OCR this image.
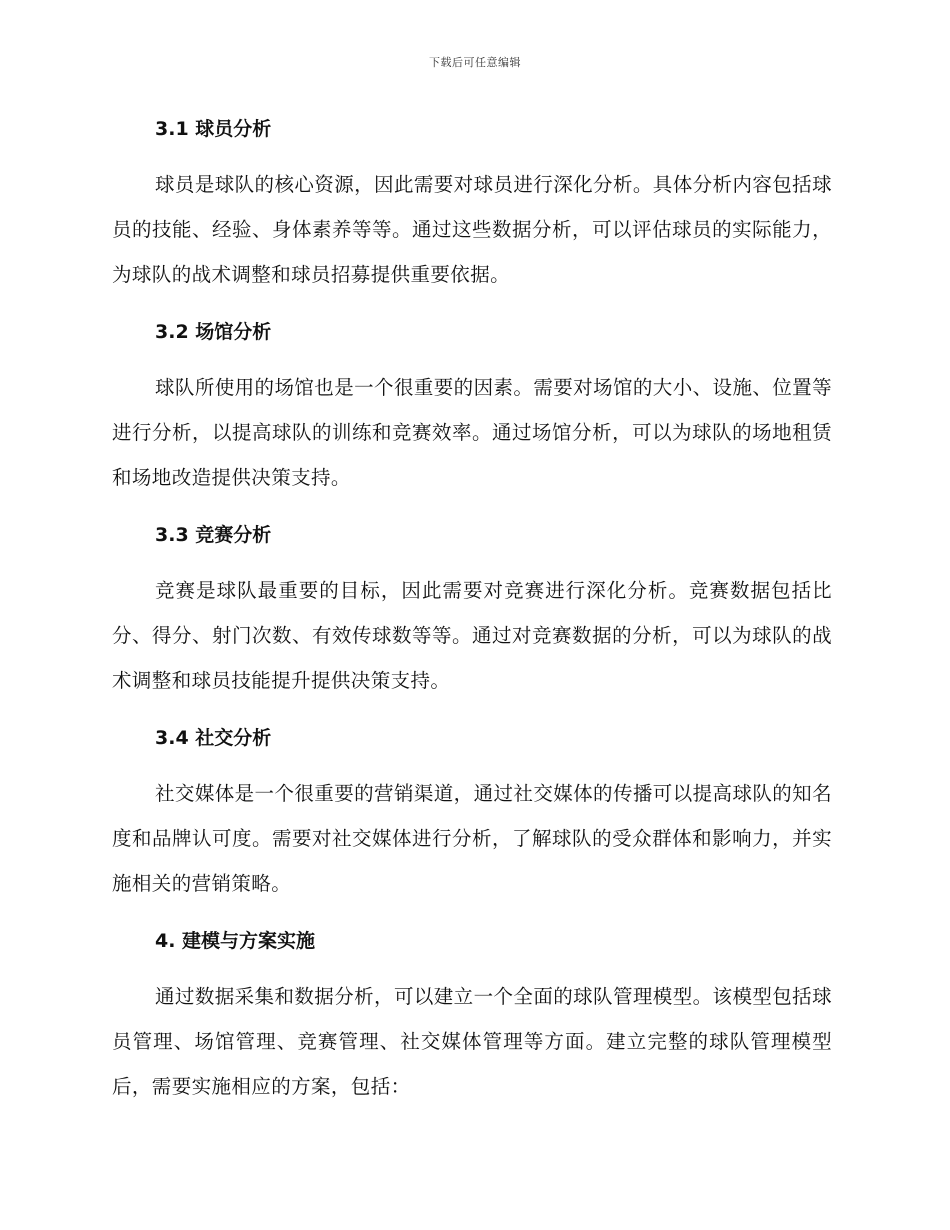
下载后可任意编辑
3.1 球员分析

球员是球队的核心资源，因此需要对球员进行深化分析。具体分析内容包括球员的技能、经验、身体素养等等。通过这些数据分析，可以评估球员的实际能力，为球队的战术调整和球员招募提供重要依据。

3.2 场馆分析

球队所使用的场馆也是一个很重要的因素。需要对场馆的大小、设施、位置等进行分析，以提高球队的训练和竞赛效率。通过场馆分析，可以为球队的场地租赁和场地改造提供决策支持。

3.3 竞赛分析

竞赛是球队最重要的目标，因此需要对竞赛进行深化分析。竞赛数据包括比分、得分、射门次数、有效传球数等等。通过对竞赛数据的分析，可以为球队的战术调整和球员技能提升提供决策支持。

3.4 社交分析

社交媒体是一个很重要的营销渠道，通过社交媒体的传播可以提高球队的知名度和品牌认可度。需要对社交媒体进行分析，了解球队的受众群体和影响力，并实施相关的营销策略。

4. 建模与方案实施

通过数据采集和数据分析，可以建立一个全面的球队管理模型。该模型包括球员管理、场馆管理、竞赛管理、社交媒体管理等方面。建立完整的球队管理模型后，需要实施相应的方案，包括：
